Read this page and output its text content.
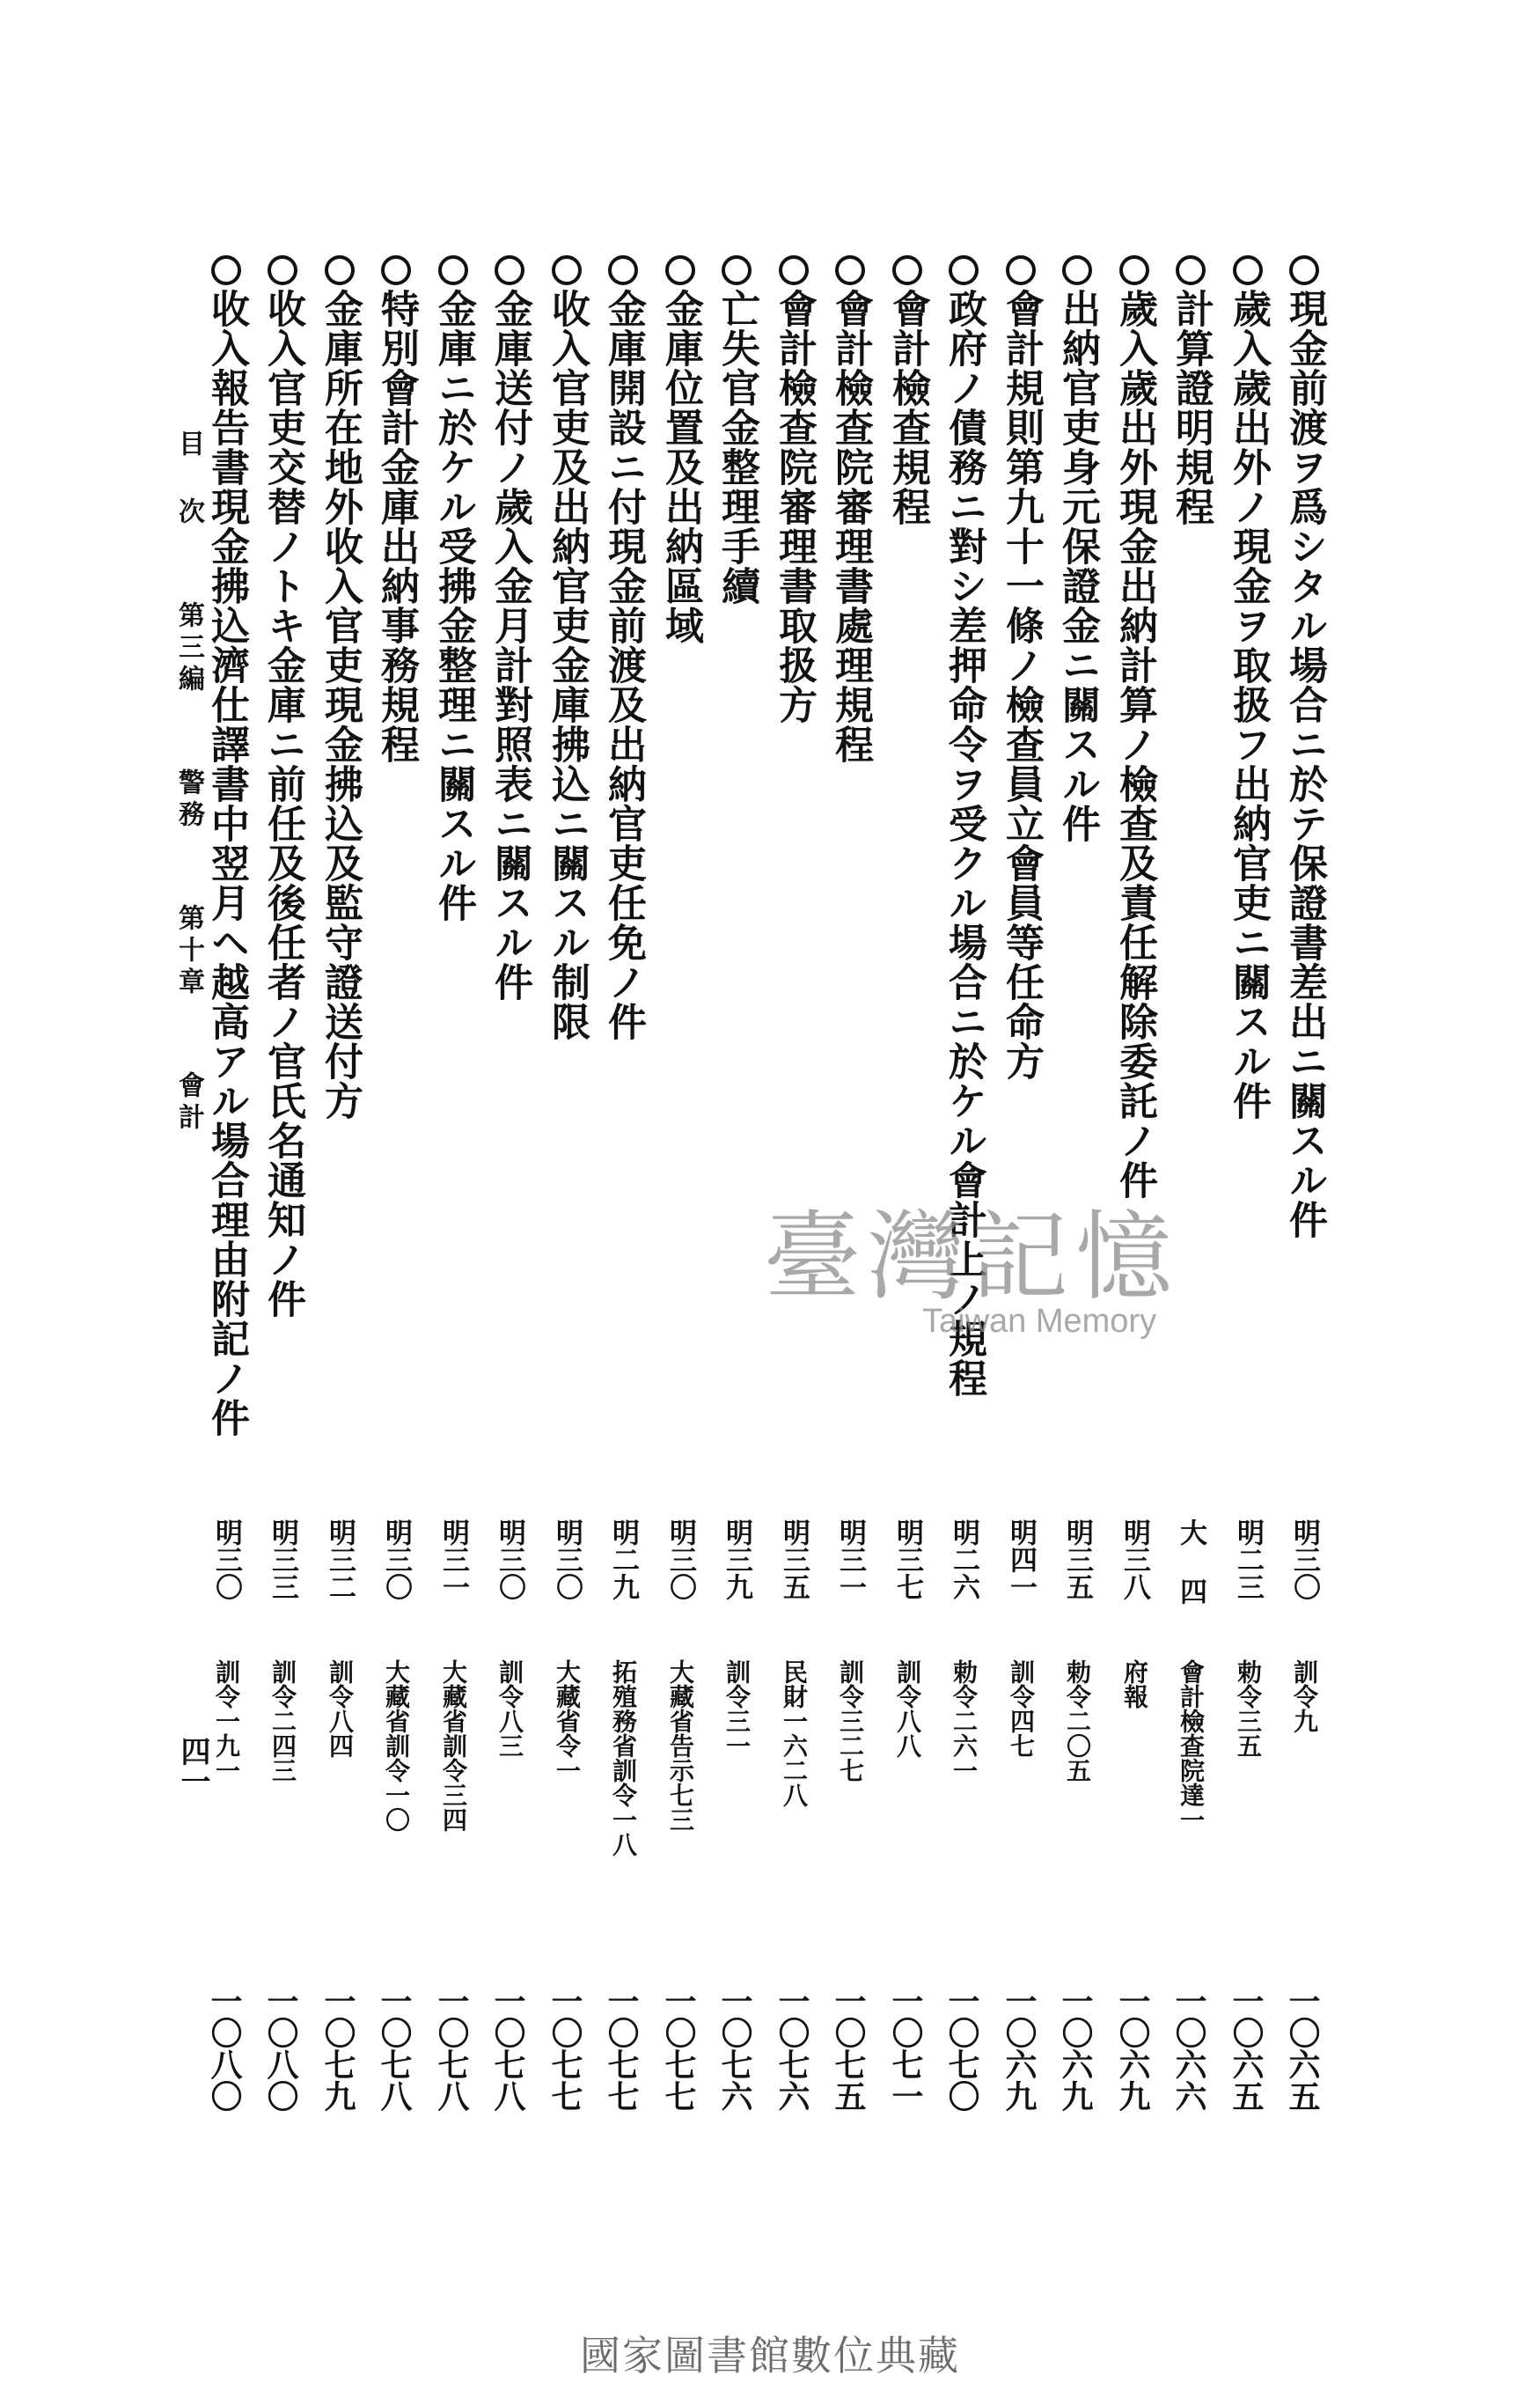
現金前渡ヲ爲シタル場合ニ於テ保證書差出ニ關スル件
明三〇
訓令九
一〇六五
歲入歲出外ノ現金ヲ取扱フ出納官吏ニ關スル件
明二三
勅令三五
一〇六五
計算證明規程
大 四
會計檢查院達一
一〇六六
歲入歲出外現金出納計算ノ檢查及責任解除委託ノ件
明三八
府報
一〇六九
出納官吏身元保證金ニ關スル件
明三五
勅令二〇五
一〇六九
會計規則第九十一條ノ檢查員立會員等任命方
明四一
訓令四七
一〇六九
政府ノ債務ニ對シ差押命令ヲ受クル場合ニ於ケル會計上ノ規程
明二六
勅令二六一
一〇七〇
會計檢查規程
明三七
訓令八八
一〇七一
會計檢查院審理書處理規程
明三一
訓令三二七
一〇七五
會計檢查院審理書取扱方
明三五
民財一六二八
一〇七六
亡失官金整理手續
明三九
訓令三一
一〇七六
金庫位置及出納區域
明三〇
大藏省告示七三
一〇七七
金庫開設ニ付現金前渡及出納官吏任免ノ件
明二九
拓殖務省訓令一八
一〇七七
收入官吏及出納官吏金庫拂込ニ關スル制限
明三〇
大藏省令一
一〇七七
金庫送付ノ歲入金月計對照表ニ關スル件
明三〇
訓令八三
一〇七八
金庫ニ於ケル受拂金整理ニ關スル件
明三一
大藏省訓令三四
一〇七八
特別會計金庫出納事務規程
明三〇
大藏省訓令一〇
一〇七八
金庫所在地外收入官吏現金拂込及監守證送付方
明三二
訓令八四
一〇七九
收入官吏交替ノトキ金庫ニ前任及後任者ノ官氏名通知ノ件
明三三
訓令二四三
一〇八〇
收入報告書現金拂込濟仕譯書中翌月ヘ越高アル場合理由附記ノ件
明三〇
訓令一九一
一〇八〇
目 次  第三編  警務  第十章  會計
四一
臺灣記憶
Taiwan Memory
國家圖書館數位典藏
